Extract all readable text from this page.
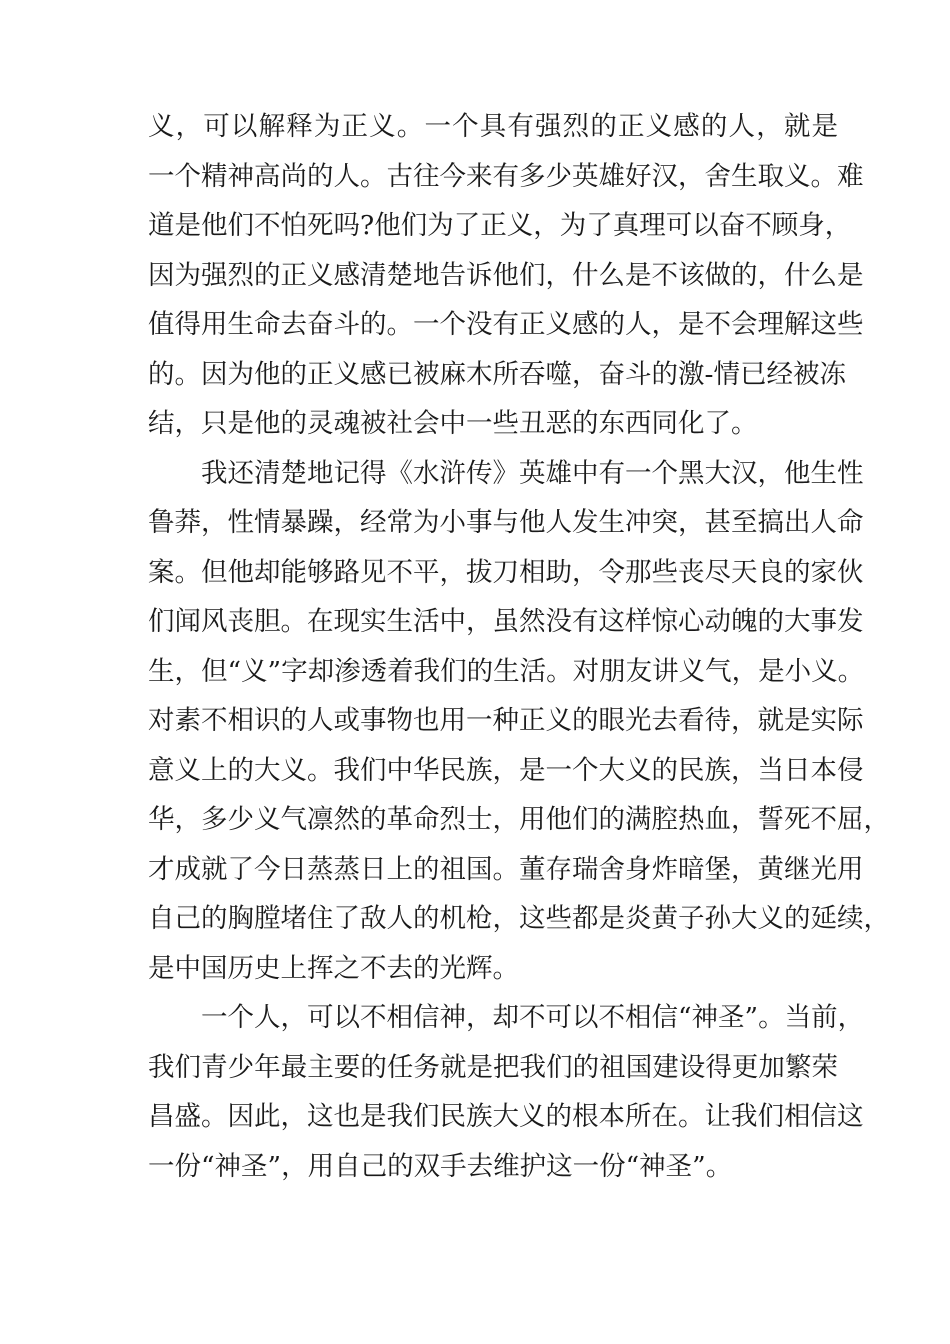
义，可以解释为正义。一个具有强烈的正义感的人，就是
一个精神高尚的人。古往今来有多少英雄好汉，舍生取义。难
道是他们不怕死吗?他们为了正义，为了真理可以奋不顾身，
因为强烈的正义感清楚地告诉他们，什么是不该做的，什么是
值得用生命去奋斗的。一个没有正义感的人，是不会理解这些
的。因为他的正义感已被麻木所吞噬，奋斗的激-情已经被冻
结，只是他的灵魂被社会中一些丑恶的东西同化了。
我还清楚地记得《水浒传》英雄中有一个黑大汉，他生性
鲁莽，性情暴躁，经常为小事与他人发生冲突，甚至搞出人命
案。但他却能够路见不平，拔刀相助，令那些丧尽天良的家伙
们闻风丧胆。在现实生活中，虽然没有这样惊心动魄的大事发
生，但“义”字却渗透着我们的生活。对朋友讲义气，是小义。
对素不相识的人或事物也用一种正义的眼光去看待，就是实际
意义上的大义。我们中华民族，是一个大义的民族，当日本侵
华，多少义气凛然的革命烈士，用他们的满腔热血，誓死不屈，
才成就了今日蒸蒸日上的祖国。董存瑞舍身炸暗堡，黄继光用
自己的胸膛堵住了敌人的机枪，这些都是炎黄子孙大义的延续，
是中国历史上挥之不去的光辉。
一个人，可以不相信神，却不可以不相信“神圣”。当前，
我们青少年最主要的任务就是把我们的祖国建设得更加繁荣
昌盛。因此，这也是我们民族大义的根本所在。让我们相信这
一份“神圣”，用自己的双手去维护这一份“神圣”。
